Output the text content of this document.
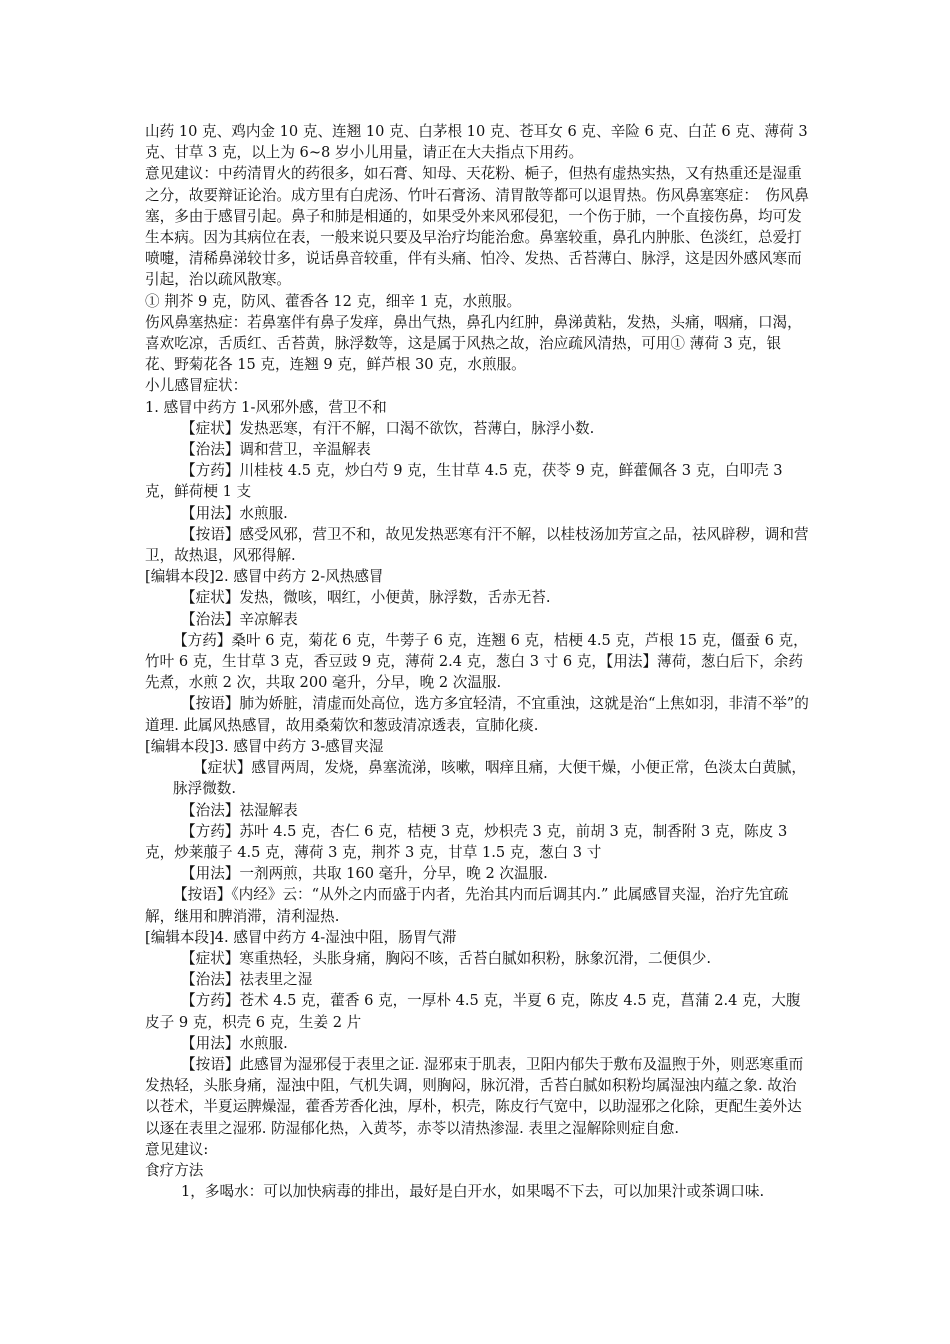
山药 10 克、鸡内金 10 克、连翘 10 克、白茅根 10 克、苍耳女 6 克、辛险 6 克、白芷 6 克、薄荷 3 克、甘草 3 克，以上为 6~8 岁小儿用量，请正在大夫指点下用药。

意见建议：中药清胃火的药很多，如石膏、知母、天花粉、梔子，但热有虚热实热，又有热重还是湿重之分，故要辩证论治。成方里有白虎汤、竹叶石膏汤、清胃散等都可以退胃热。伤风鼻塞寒症：　伤风鼻塞，多由于感冒引起。鼻子和肺是相通的，如果受外来风邪侵犯，一个伤于肺，一个直接伤鼻，均可发生本病。因为其病位在表，一般来说只要及早治疗均能治愈。鼻塞较重，鼻孔内肿胀、色淡红，总爱打喷嚏，清稀鼻涕较廿多，说话鼻音较重，伴有头痛、怕冷、发热、舌苔薄白、脉浮，这是因外感风寒而引起，治以疏风散寒。

① 荆芥 9 克，防风、藿香各 12 克，细辛 1 克，水煎服。

伤风鼻塞热症：若鼻塞伴有鼻子发痒，鼻出气热，鼻孔内红肿，鼻涕黄粘，发热，头痛，咽痛，口渴，喜欢吃凉，舌质红、舌苔黄，脉浮数等，这是属于风热之故，治应疏风清热，可用① 薄荷 3 克，银花、野菊花各 15 克，连翘 9 克，鲜芦根 30 克，水煎服。

小儿感冒症状：

1. 感冒中药方 1-风邪外感，营卫不和

【症状】发热恶寒，有汗不解，口渴不欲饮，苔薄白，脉浮小数.

【治法】调和营卫，辛温解表

【方药】川桂枝 4.5 克，炒白芍 9 克，生甘草 4.5 克，茯苓 9 克，鲜藿佩各 3 克，白叩壳 3 克，鲜荷梗 1 支

【用法】水煎服.

【按语】感受风邪，营卫不和，故见发热恶寒有汗不解，以桂枝汤加芳宣之品，祛风辟秽，调和营卫，故热退，风邪得解.

[编辑本段]2. 感冒中药方 2-风热感冒

【症状】发热，微咳，咽红，小便黄，脉浮数，舌赤无苔.

【治法】辛凉解表

【方药】桑叶 6 克，菊花 6 克，牛蒡子 6 克，连翘 6 克，桔梗 4.5 克，芦根 15 克，僵蚕 6 克，竹叶 6 克，生甘草 3 克，香豆豉 9 克，薄荷 2.4 克，葱白 3 寸 6 克，【用法】薄荷，葱白后下，余药先煮，水煎 2 次，共取 200 毫升，分早，晚 2 次温服.

【按语】肺为娇脏，清虚而处高位，选方多宜轻清，不宜重浊，这就是治“上焦如羽，非清不举”的道理. 此属风热感冒，故用桑菊饮和葱豉清凉透表，宣肺化痰.

[编辑本段]3. 感冒中药方 3-感冒夹湿

【症状】感冒两周，发烧，鼻塞流涕，咳嗽，咽痒且痛，大便干燥，小便正常，色淡太白黄腻，脉浮微数.

【治法】祛湿解表

【方药】苏叶 4.5 克，杏仁 6 克，桔梗 3 克，炒枳壳 3 克，前胡 3 克，制香附 3 克，陈皮 3 克，炒莱菔子 4.5 克，薄荷 3 克，荆芥 3 克，甘草 1.5 克，葱白 3 寸

【用法】一剂两煎，共取 160 毫升，分早，晚 2 次温服.

【按语】《内经》云：“从外之内而盛于内者，先治其内而后调其内.” 此属感冒夹湿，治疗先宜疏解，继用和脾消滞，清利湿热.

[编辑本段]4. 感冒中药方 4-湿浊中阻，肠胃气滞

【症状】寒重热轻，头胀身痛，胸闷不咳，舌苔白腻如积粉，脉象沉滑，二便俱少.

【治法】祛表里之湿

【方药】苍术 4.5 克，藿香 6 克，一厚朴 4.5 克，半夏 6 克，陈皮 4.5 克，菖蒲 2.4 克，大腹皮子 9 克，枳壳 6 克，生姜 2 片

【用法】水煎服.

【按语】此感冒为湿邪侵于表里之证. 湿邪束于肌表，卫阳内郁失于敷布及温煦于外，则恶寒重而发热轻，头胀身痛，湿浊中阻，气机失调，则胸闷，脉沉滑，舌苔白腻如积粉均属湿浊内蕴之象. 故治以苍术，半夏运脾燥湿，藿香芳香化浊，厚朴，枳壳，陈皮行气宽中，以助湿邪之化除，更配生姜外达以逐在表里之湿邪. 防湿郁化热，入黄芩，赤苓以清热渗湿. 表里之湿解除则症自愈.

意见建议:

食疗方法

1，多喝水：可以加快病毒的排出，最好是白开水，如果喝不下去，可以加果汁或茶调口味.
